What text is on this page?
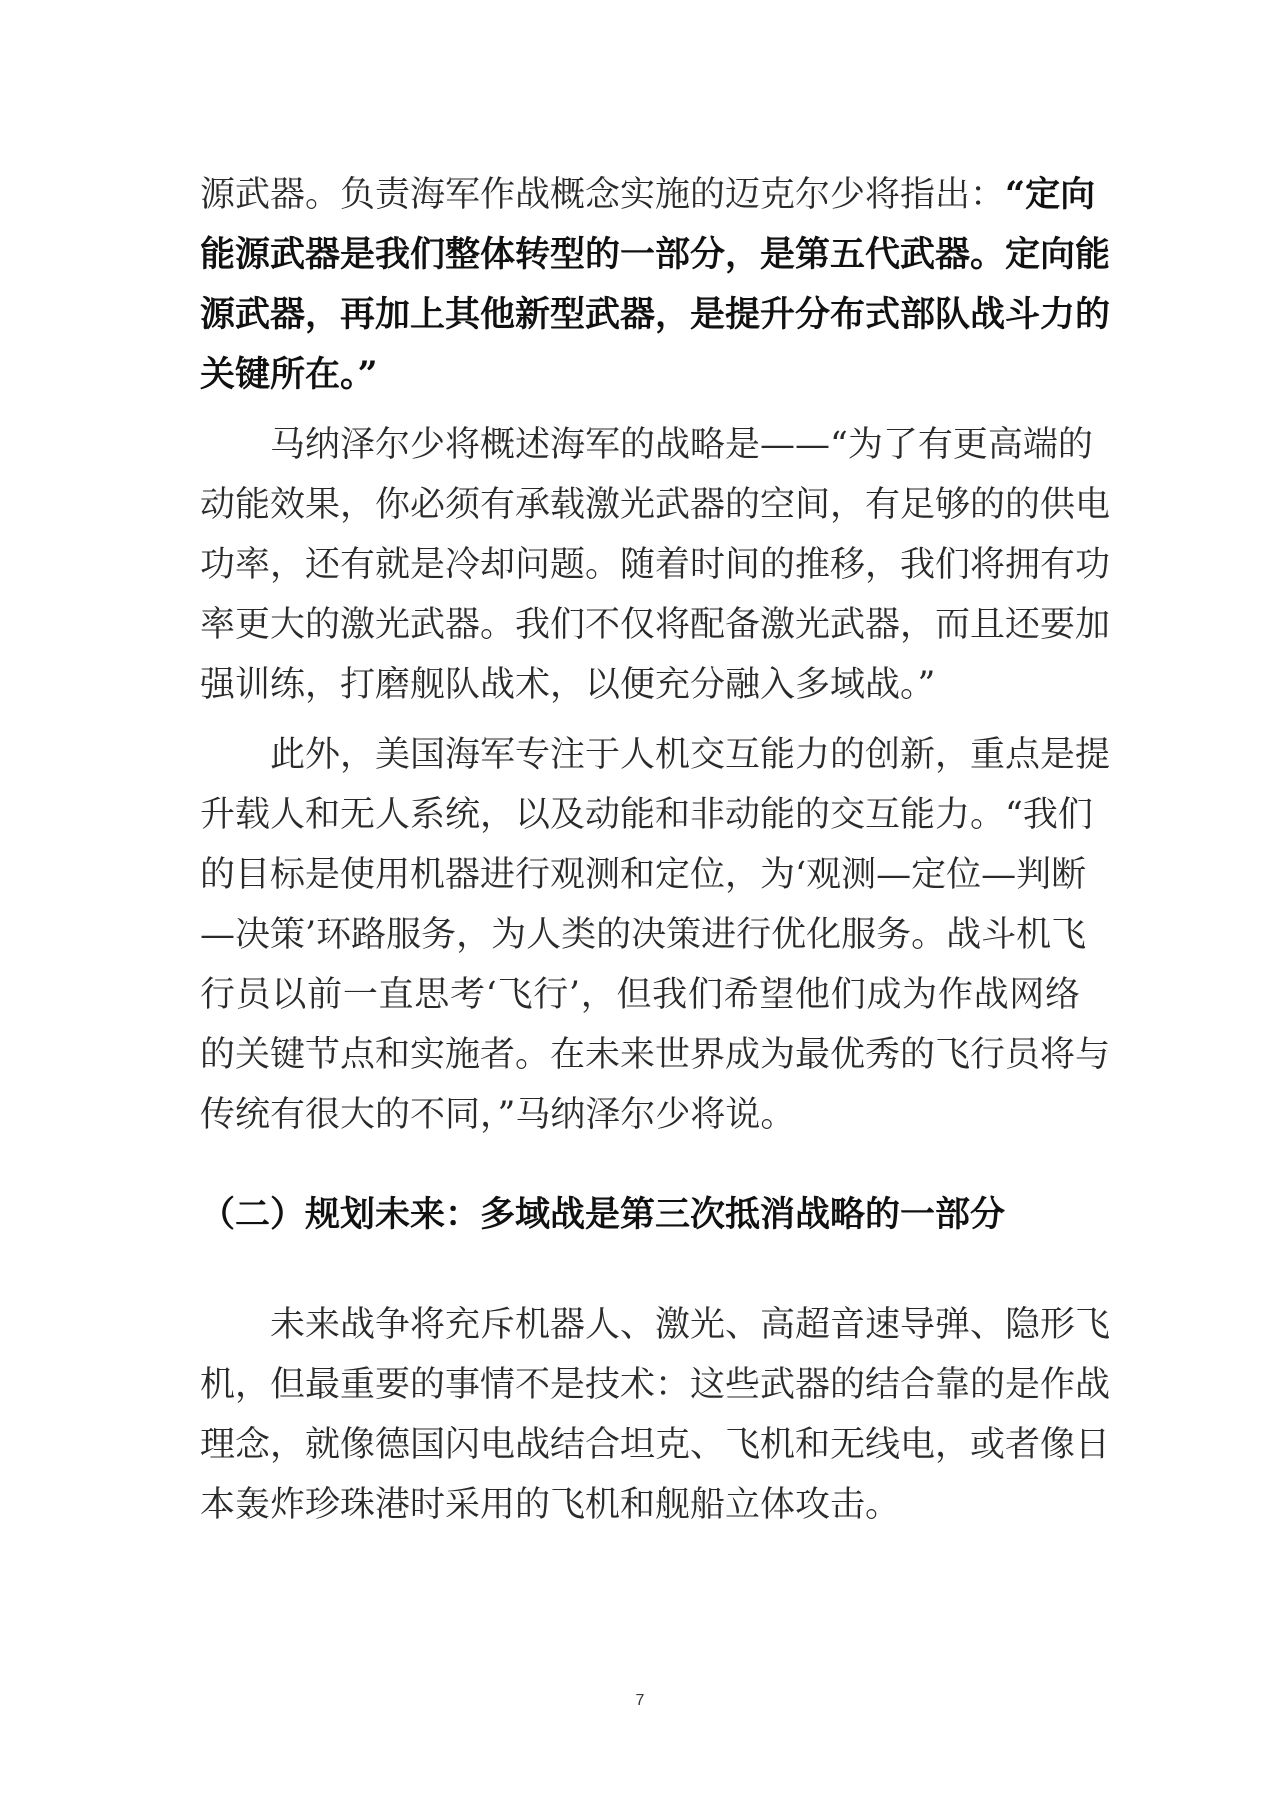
源武器。负责海军作战概念实施的迈克尔少将指出：“定向
能源武器是我们整体转型的一部分，是第五代武器。定向能
源武器，再加上其他新型武器，是提升分布式部队战斗力的
关键所在。”
马纳泽尔少将概述海军的战略是——“为了有更高端的
动能效果，你必须有承载激光武器的空间，有足够的的供电
功率，还有就是冷却问题。随着时间的推移，我们将拥有功
率更大的激光武器。我们不仅将配备激光武器，而且还要加
强训练，打磨舰队战术，以便充分融入多域战。”
此外，美国海军专注于人机交互能力的创新，重点是提
升载人和无人系统，以及动能和非动能的交互能力。“我们
的目标是使用机器进行观测和定位，为‘观测—定位—判断
—决策’环路服务，为人类的决策进行优化服务。战斗机飞
行员以前一直思考‘飞行’，但我们希望他们成为作战网络
的关键节点和实施者。在未来世界成为最优秀的飞行员将与
传统有很大的不同，”马纳泽尔少将说。
（二）规划未来：多域战是第三次抵消战略的一部分
未来战争将充斥机器人、激光、高超音速导弹、隐形飞
机，但最重要的事情不是技术：这些武器的结合靠的是作战
理念，就像德国闪电战结合坦克、飞机和无线电，或者像日
本轰炸珍珠港时采用的飞机和舰船立体攻击。
7
